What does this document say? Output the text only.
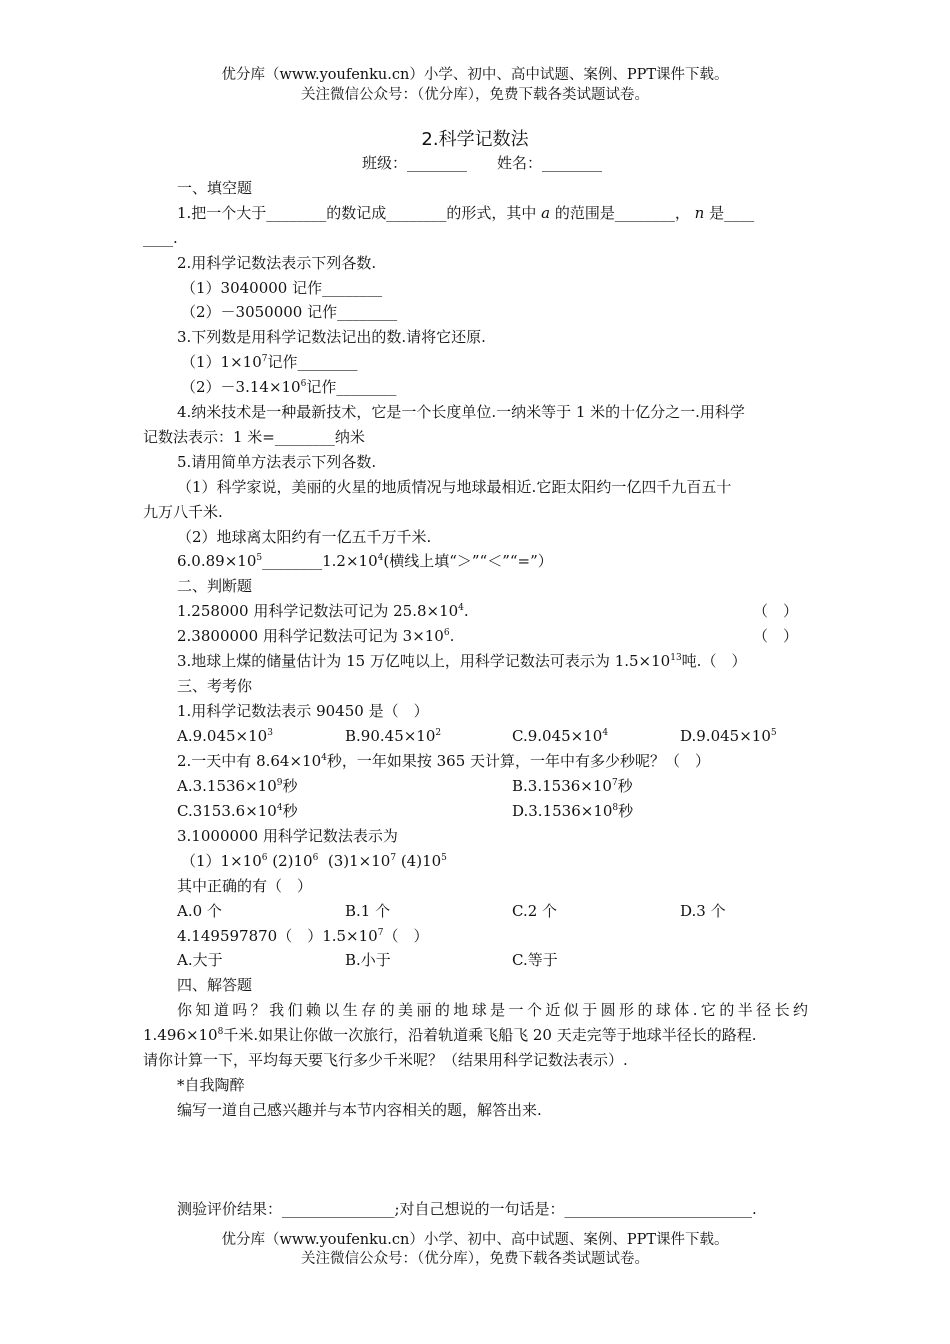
优分库（www.youfenku.cn）小学、初中、高中试题、案例、PPT课件下载。
关注微信公众号：（优分库），免费下载各类试题试卷。
2.科学记数法
班级：________　　姓名：________
一、填空题
1.把一个大于________的数记成________的形式，其中 a 的范围是________， n 是____
____.
2.用科学记数法表示下列各数.
（1）3040000 记作________
（2）－3050000 记作________
3.下列数是用科学记数法记出的数.请将它还原.
$(1)1\times 10^7$记作________
$(2)-3.14\times 10^6$记作________
4.纳米技术是一种最新技术，它是一个长度单位.一纳米等于 1 米的十亿分之一.用科学
记数法表示：1 米=________纳米
5.请用简单方法表示下列各数.
（1）科学家说，美丽的火星的地质情况与地球最相近.它距太阳约一亿四千九百五十
九万八千米.
（2）地球离太阳约有一亿五千万千米.
$6.0.89\times 10^5\_\_\_\_\_\_\_\_1.2\times 10^4$(横线上填“＞”“＜”“=”）
二、判断题
1.258000 用科学记数法可记为 $25.8\times 10^4$.	（　）
2.3800000 用科学记数法可记为 $3\times 10^6$.	（　）
3.地球上煤的储量估计为 15 万亿吨以上，用科学记数法可表示为 $1.5\times 10^{13}$吨.（　）
三、考考你
1.用科学记数法表示 90450 是（　）
$A.9.045\times 10^3$	$B.90.45\times 10^2$	$C.9.045\times 10^4$	$D.9.045\times 10^5$
2.一天中有 $8.64\times 10^4$秒，一年如果按 365 天计算，一年中有多少秒呢？（　）
$A.3.1536\times 10^9$秒	$B.3.1536\times 10^7$秒
$C.3153.6\times 10^4$秒	$D.3.1536\times 10^8$秒
3.1000000 用科学记数法表示为
$(1)1\times 10^6$ $(2)10^6$  $(3)1\times 10^7$ $(4)10^5$
其中正确的有（　）
A.0 个	B.1 个	C.2 个	D.3 个
4.149597870（　）$1.5\times 10^7$（　）
A.大于	B.小于	C.等于
四、解答题
你知道吗？我们赖以生存的美丽的地球是一个近似于圆形的球体.它的半径长约
$1.496\times 10^8$千米.如果让你做一次旅行，沿着轨道乘飞船飞 20 天走完等于地球半径长的路程.
请你计算一下，平均每天要飞行多少千米呢？（结果用科学记数法表示）.
*自我陶醉
编写一道自己感兴趣并与本节内容相关的题，解答出来.
测验评价结果：_______________;对自己想说的一句话是：_________________________.
优分库（www.youfenku.cn）小学、初中、高中试题、案例、PPT课件下载。
关注微信公众号：（优分库），免费下载各类试题试卷。
